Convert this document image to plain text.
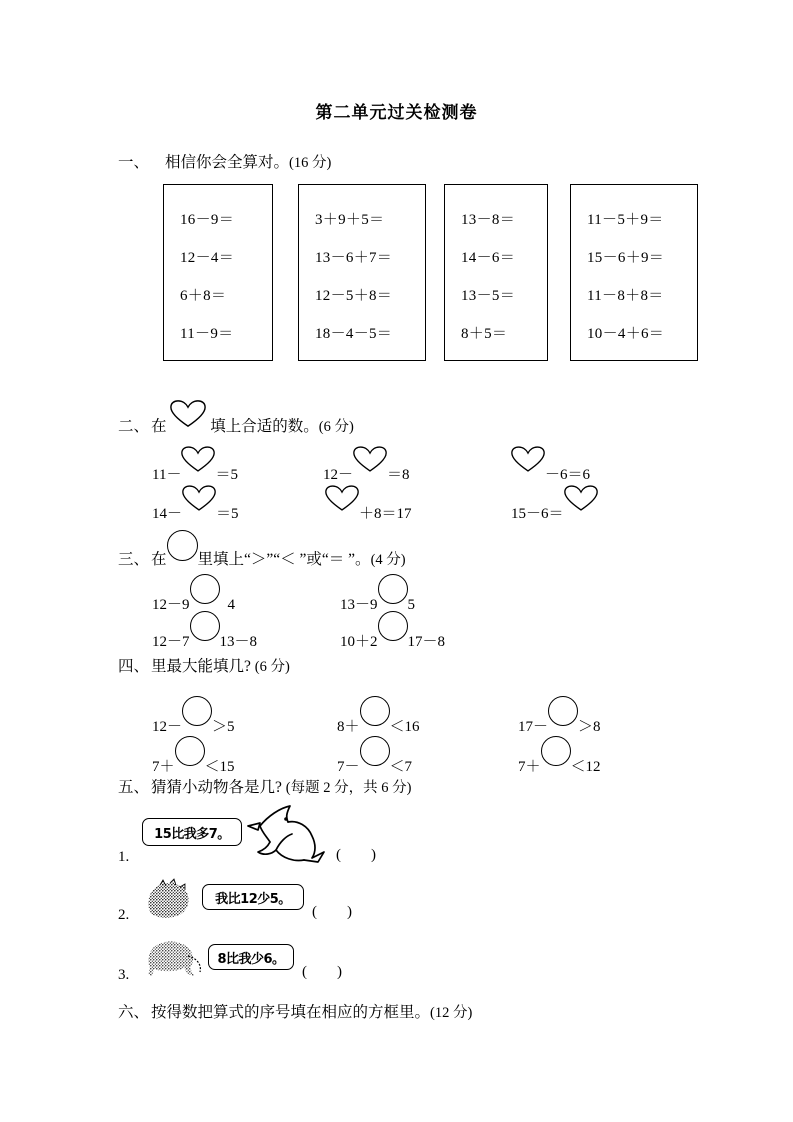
第二单元过关检测卷
一、 相信你会全算对。(16 分)
16－9＝
12－4＝
6＋8＝
11－9＝
3＋9＋5＝
13－6＋7＝
12－5＋8＝
18－4－5＝
13－8＝
14－6＝
13－5＝
8＋5＝
11－5＋9＝
15－6＋9＝
11－8＋8＝
10－4＋6＝
二、 在	填上合适的数。(6 分)
11－ ＝5	12－ ＝8	－6＝6
14－ ＝5	＋8＝17	15－6＝
三、 在 里填上“＞”“＜ ”或“＝ ”。(4 分)
12－9	4	13－9 5
12－7 13－8	10＋2 17－8
四、 里最大能填几? (6 分)
12－ ＞5	8＋ ＜16	17－ ＞8
7＋ ＜15	7－ ＜7	7＋ ＜12
五、 猜猜小动物各是几? (每题 2 分，共 6 分)
1.
15比我多7。
(        )
2.
我比12少5。
(        )
3.
8比我少6。
(        )
六、 按得数把算式的序号填在相应的方框里。(12 分)
